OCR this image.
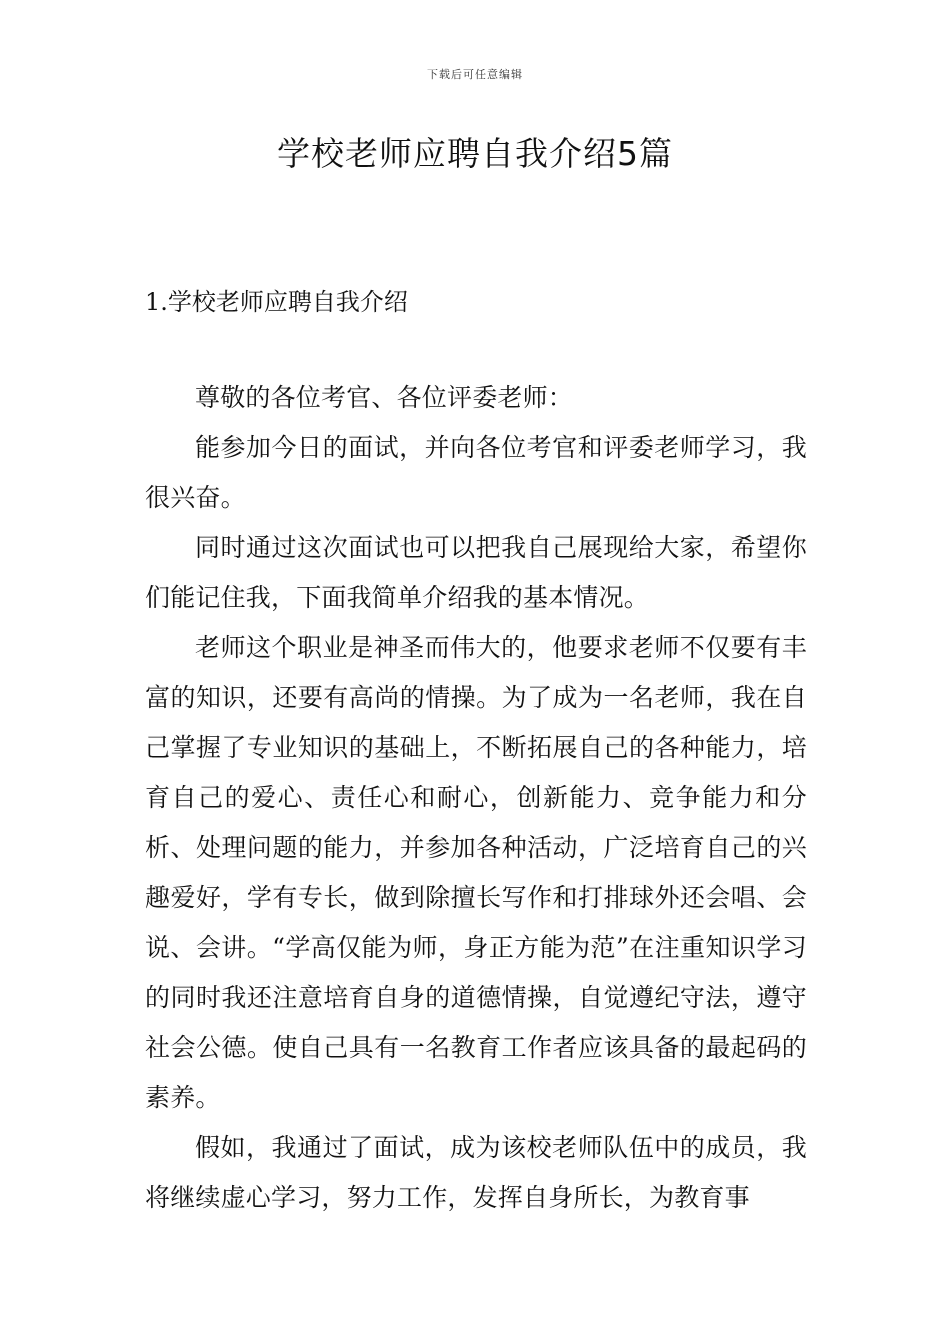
下载后可任意编辑
学校老师应聘自我介绍5篇
1.学校老师应聘自我介绍

尊敬的各位考官、各位评委老师：

能参加今日的面试，并向各位考官和评委老师学习，我很兴奋。

同时通过这次面试也可以把我自己展现给大家，希望你们能记住我，下面我简单介绍我的基本情况。

老师这个职业是神圣而伟大的，他要求老师不仅要有丰富的知识，还要有高尚的情操。为了成为一名老师，我在自己掌握了专业知识的基础上，不断拓展自己的各种能力，培育自己的爱心、责任心和耐心，创新能力、竞争能力和分析、处理问题的能力，并参加各种活动，广泛培育自己的兴趣爱好，学有专长，做到除擅长写作和打排球外还会唱、会说、会讲。“学高仅能为师，身正方能为范”在注重知识学习的同时我还注意培育自身的道德情操，自觉遵纪守法，遵守社会公德。使自己具有一名教育工作者应该具备的最起码的素养。

假如，我通过了面试，成为该校老师队伍中的成员，我将继续虚心学习，努力工作，发挥自身所长，为教育事
